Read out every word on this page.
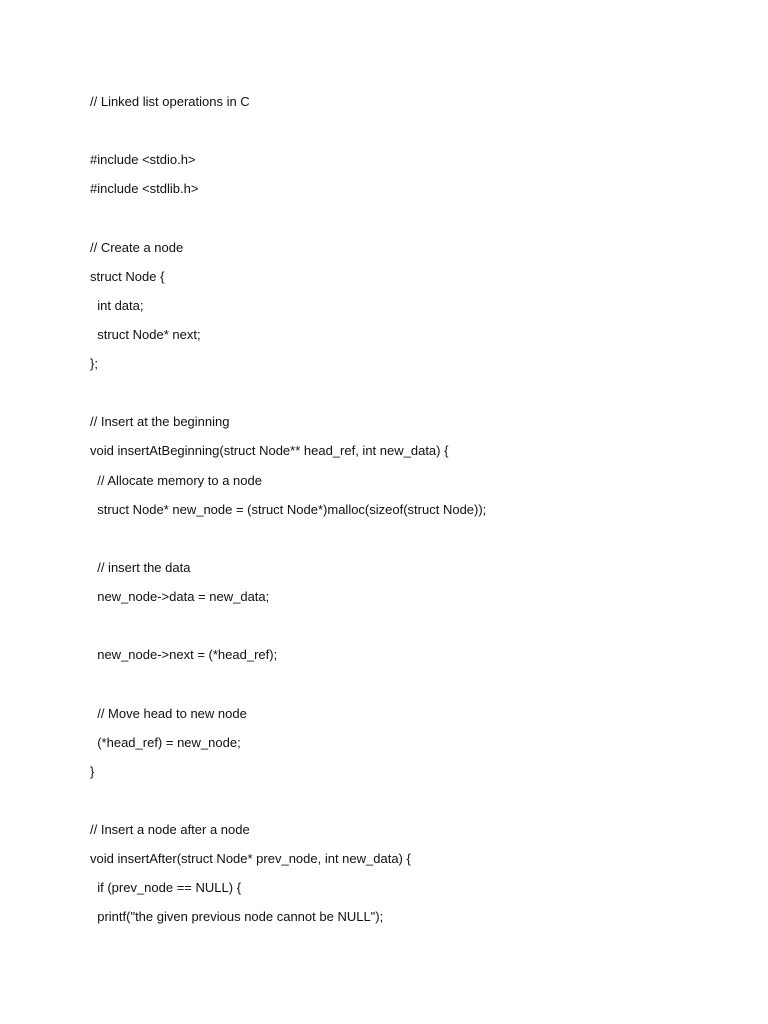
// Linked list operations in C
#include <stdio.h>
#include <stdlib.h>
// Create a node
struct Node {
int data;
struct Node* next;
};
// Insert at the beginning
void insertAtBeginning(struct Node** head_ref, int new_data) {
// Allocate memory to a node
struct Node* new_node = (struct Node*)malloc(sizeof(struct Node));
// insert the data
new_node->data = new_data;
new_node->next = (*head_ref);
// Move head to new node
(*head_ref) = new_node;
}
// Insert a node after a node
void insertAfter(struct Node* prev_node, int new_data) {
if (prev_node == NULL) {
printf("the given previous node cannot be NULL");
